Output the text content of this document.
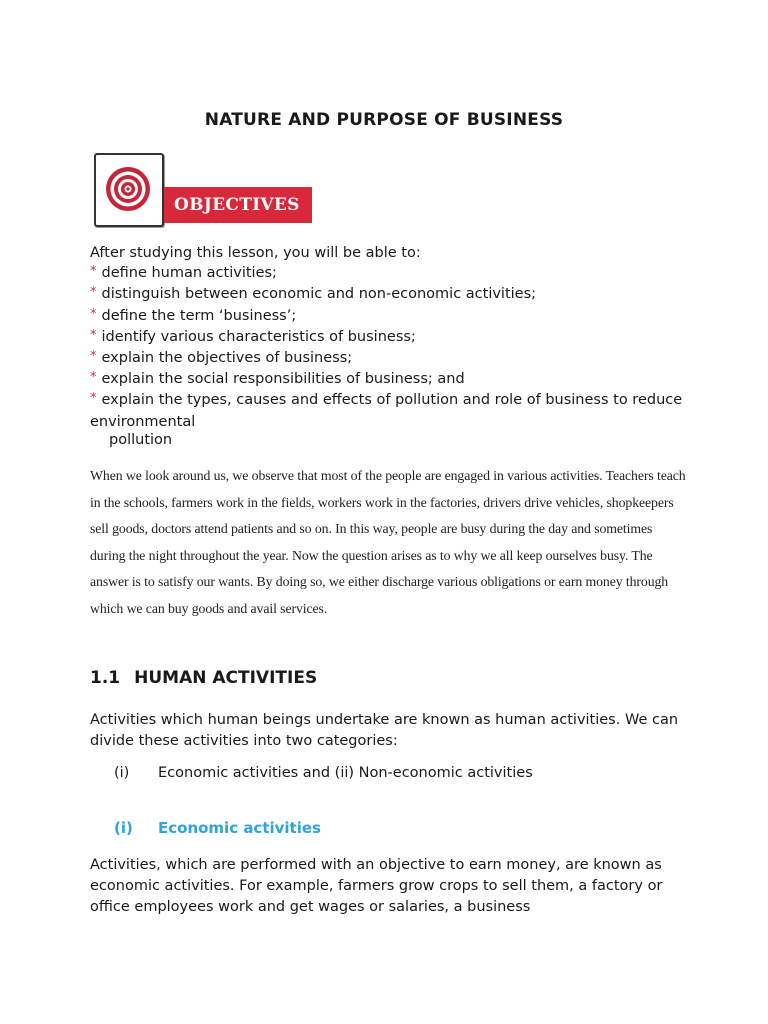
NATURE AND PURPOSE OF BUSINESS
OBJECTIVES
After studying this lesson, you will be able to:
* define human activities;
* distinguish between economic and non-economic activities;
* define the term ‘business’;
* identify various characteristics of business;
* explain the objectives of business;
* explain the social responsibilities of business; and
* explain the types, causes and effects of pollution and role of business to reduce environmental
pollution
When we look around us, we observe that most of the people are engaged in various activities. Teachers teach in the schools, farmers work in the fields, workers work in the factories, drivers drive vehicles, shopkeepers sell goods, doctors attend patients and so on. In this way, people are busy during the day and sometimes during the night throughout the year. Now the question arises as to why we all keep ourselves busy. The answer is to satisfy our wants. By doing so, we either discharge various obligations or earn money through which we can buy goods and avail services.
1.1 HUMAN ACTIVITIES
Activities which human beings undertake are known as human activities. We can divide these activities into two categories:
(i) Economic activities and (ii) Non-economic activities
(i) Economic activities
Activities, which are performed with an objective to earn money, are known as economic activities. For example, farmers grow crops to sell them, a factory or office employees work and get wages or salaries, a business
